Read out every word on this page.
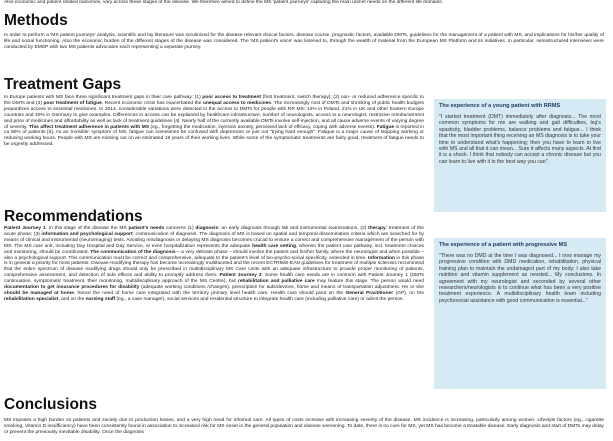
Also economic and patient related outcomes, vary across these stages of the disease. We therefore aimed to define the MS 'patient journeys' capturing the main unmet needs on the different life domains.

Methods

In order to perform a 'MS patient journeys' analysis, scientific and lay literature was scrutinized for the disease relevant clinical factors, disease course, prognostic factors, available DMTs, guidelines for the management of a patient with MS, and implications for his/her quality of life and social functioning. Also the economic burden of the different stages of the disease was considered. The 'MS patient's voice' was listened to, through the wealth of material from the European MS Platform and its initiatives. In particular, semistructured interviews were conducted by EMSP with two MS patients advocates each representing a separate journey.

Treatment Gaps

In Europe patients with MS face three significant treatment gaps in their care pathway: (1) poor access to treatment (first treatment, switch therapy); (2) non- or reduced adherence specific to the DMTs and (3) poor treatment of fatigue. Recent economic crisis has exacerbated the unequal access to medicines. The increasingly cost of DMTs and shrinking of public health budgets jeopardizes access to essential medicines. In 2014, considerable variations were detected in the access to DMTs for people with RR MS: 13% in Poland, 21% in UK and other Eastern Europe countries and 40% in Germany to give examples. Differences in access can be explained by healthcare infrastructure, number of neurologists, access to a neurologist, restrictive reimbursement and price of medicines and affordability as well as lack of treatment guidelines [4]. Nearly half of the currently available DMTs involve self-injection, and all cause adverse events of varying degree of severity. This affect treatment adherence in patients with MS (eg., forgetting the medication, injection anxiety, perceived lack of efficacy, coping with adverse events). Fatigue is reported in ca 90% of patients [5]. As an 'invisible' symptom of MS, fatigue can sometimes be confused with depression or just not "trying hard enough". Fatigue is a major cause of stopping working or reducing working hours. People with MS are missing out on an estimated 18 years of their working lives. While some of the symptomatic treatments are fairly good, treatment of fatigue needs to be urgently addressed.

The experience of a young patient with RRMS

"I started treatment (DMT) immediately after diagnosis... The most common symptoms for me are walking and gait difficulties, leg's spasticity, bladder problems, balance problems and fatigue... I think that the most important thing receiving an MS diagnosis is to take your time to understand what's happening; then you have to learn to live with MS and all that it can mean... Sure it affects many aspects. At first it is a shock. I think that nobody can accept a chronic disease but you can learn to live with it in the best way you can".

Recommendations

Patient Journey 1: In this stage of the disease the MS patient's needs concerns (1) diagnosis: an early diagnosis through lab and instrumental examinations, (2) therapy: treatment of the acute phase; (3) information and psychological support: communication of diagnosis. The diagnosis of MS is based on spatial and temporal dissemination criteria which are searched for by means of clinical and instrumental (neuroimaging) tests. Avoiding misdiagnosis or delaying MS diagnosis becomes crucial to ensure a correct and comprehensive management of the person with MS. The MS care unit, including Day Hospital and Day Service, or even hospitalization represents the adequate health care setting, wherein the patient care pathway, incl. treatment choices and monitoring, should be coordinated. The communication of the diagnosis – a very delicate phase – should involve the patient and his/her family, where the neurologist and when possible – also a psychological support. This communication must be correct and comprehensive, adequate to the patient's level of bio-psycho-social specificity, extended in time. Information in this phase is in general a priority for most patients. Disease-modifying therapy has become increasingly multifaceted and the recent ECTRIMS-EAN guidelines for treatment of multiple sclerosis recommend that the entire spectrum of disease modifying drugs should only be prescribed in multidisciplinary MS Care Units with an adequate infrastructure to provide proper monitoring of patients, comprehensive assessment, and detection of side effects and ability to promptly address them. Patient Journey 2: Some health care needs are in common with Patient Journey 1 (DMTs continuation, symptomatic treatment, their monitoring, multidisciplinary approach of the MS Centre), but rehabilitation and palliative care may feature this stage. The person would need documentation to get insurance procedures for disability (adequate working conditions /changes), prescription for aids/devices, home and means of transportation adjustment. He or she should be managed at home, hence the need of home care integrated with the territory primary level health care. Health care should pivot on the General Practitioner (GP), on the rehabilitation specialist, and on the nursing staff (eg., a case manager), social services and residential structure to integrate health care (including palliative care) or admit the person.

The experience of a patient with progressive MS

"There was no DMD at the time I was diagnosed... I now manage my progressive condition with DMD medication, rehabilitation, physical training plan to maintain the undamaged part of my body; I also take nutrition and vitamin supplement as needed... My conclusions. In agreement with my neurologist and seconded by several other researchers/neurologists is to continue what has been a very positive treatment experience. A multidisciplinary health team including psychosocial assistance with good communication is essential..."

Conclusions

MS imposes a high burden on patients and society due to production losses, and a very high need for informal care. All types of costs increase with increasing severity of the disease. MS incidence is increasing, particularly among women. Lifestyle factors (eg., cigarette smoking, Vitamin D insufficiency) have been consistently found in association to increased risk for MS onset in the general population and disease worsening. To date, there is no cure for MS, yet MS has become a treatable disease. Early diagnosis and start of DMTs may delay or prevent the previously inevitable disability. Once the diagnosis
